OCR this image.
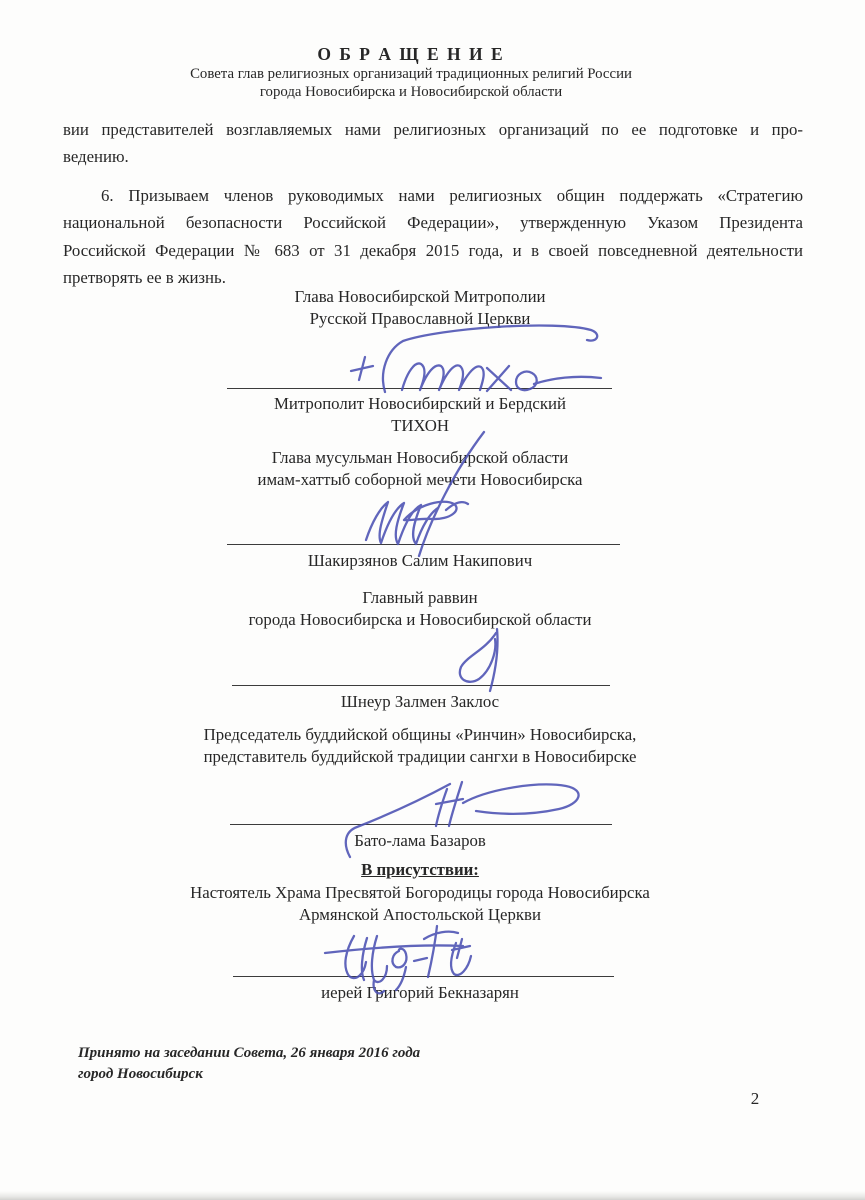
О Б Р А Щ Е Н И Е
Совета глав религиозных организаций традиционных религий России
города Новосибирска и Новосибирской области
вии представителей возглавляемых нами религиозных организаций по ее подготовке и про-
ведению.
6. Призываем членов руководимых нами религиозных общин поддержать «Стратегию
национальной безопасности Российской Федерации», утвержденную Указом Президента
Российской Федерации № 683 от 31 декабря 2015 года, и в своей повседневной деятельности
претворять ее в жизнь.
Глава Новосибирской Митрополии
Русской Православной Церкви
Митрополит Новосибирский и Бердский
ТИХОН
Глава мусульман Новосибирской области
имам-хаттыб соборной мечети Новосибирска
Шакирзянов Салим Накипович
Главный раввин
города Новосибирска и Новосибирской области
Шнеур Залмен Заклос
Председатель буддийской общины «Ринчин» Новосибирска,
представитель буддийской традиции сангхи в Новосибирске
Бато-лама Базаров
В присутствии:
Настоятель Храма Пресвятой Богородицы города Новосибирска
Армянской Апостольской Церкви
иерей Григорий Бекназарян
Принято на заседании Совета, 26 января 2016 года
город Новосибирск
2
